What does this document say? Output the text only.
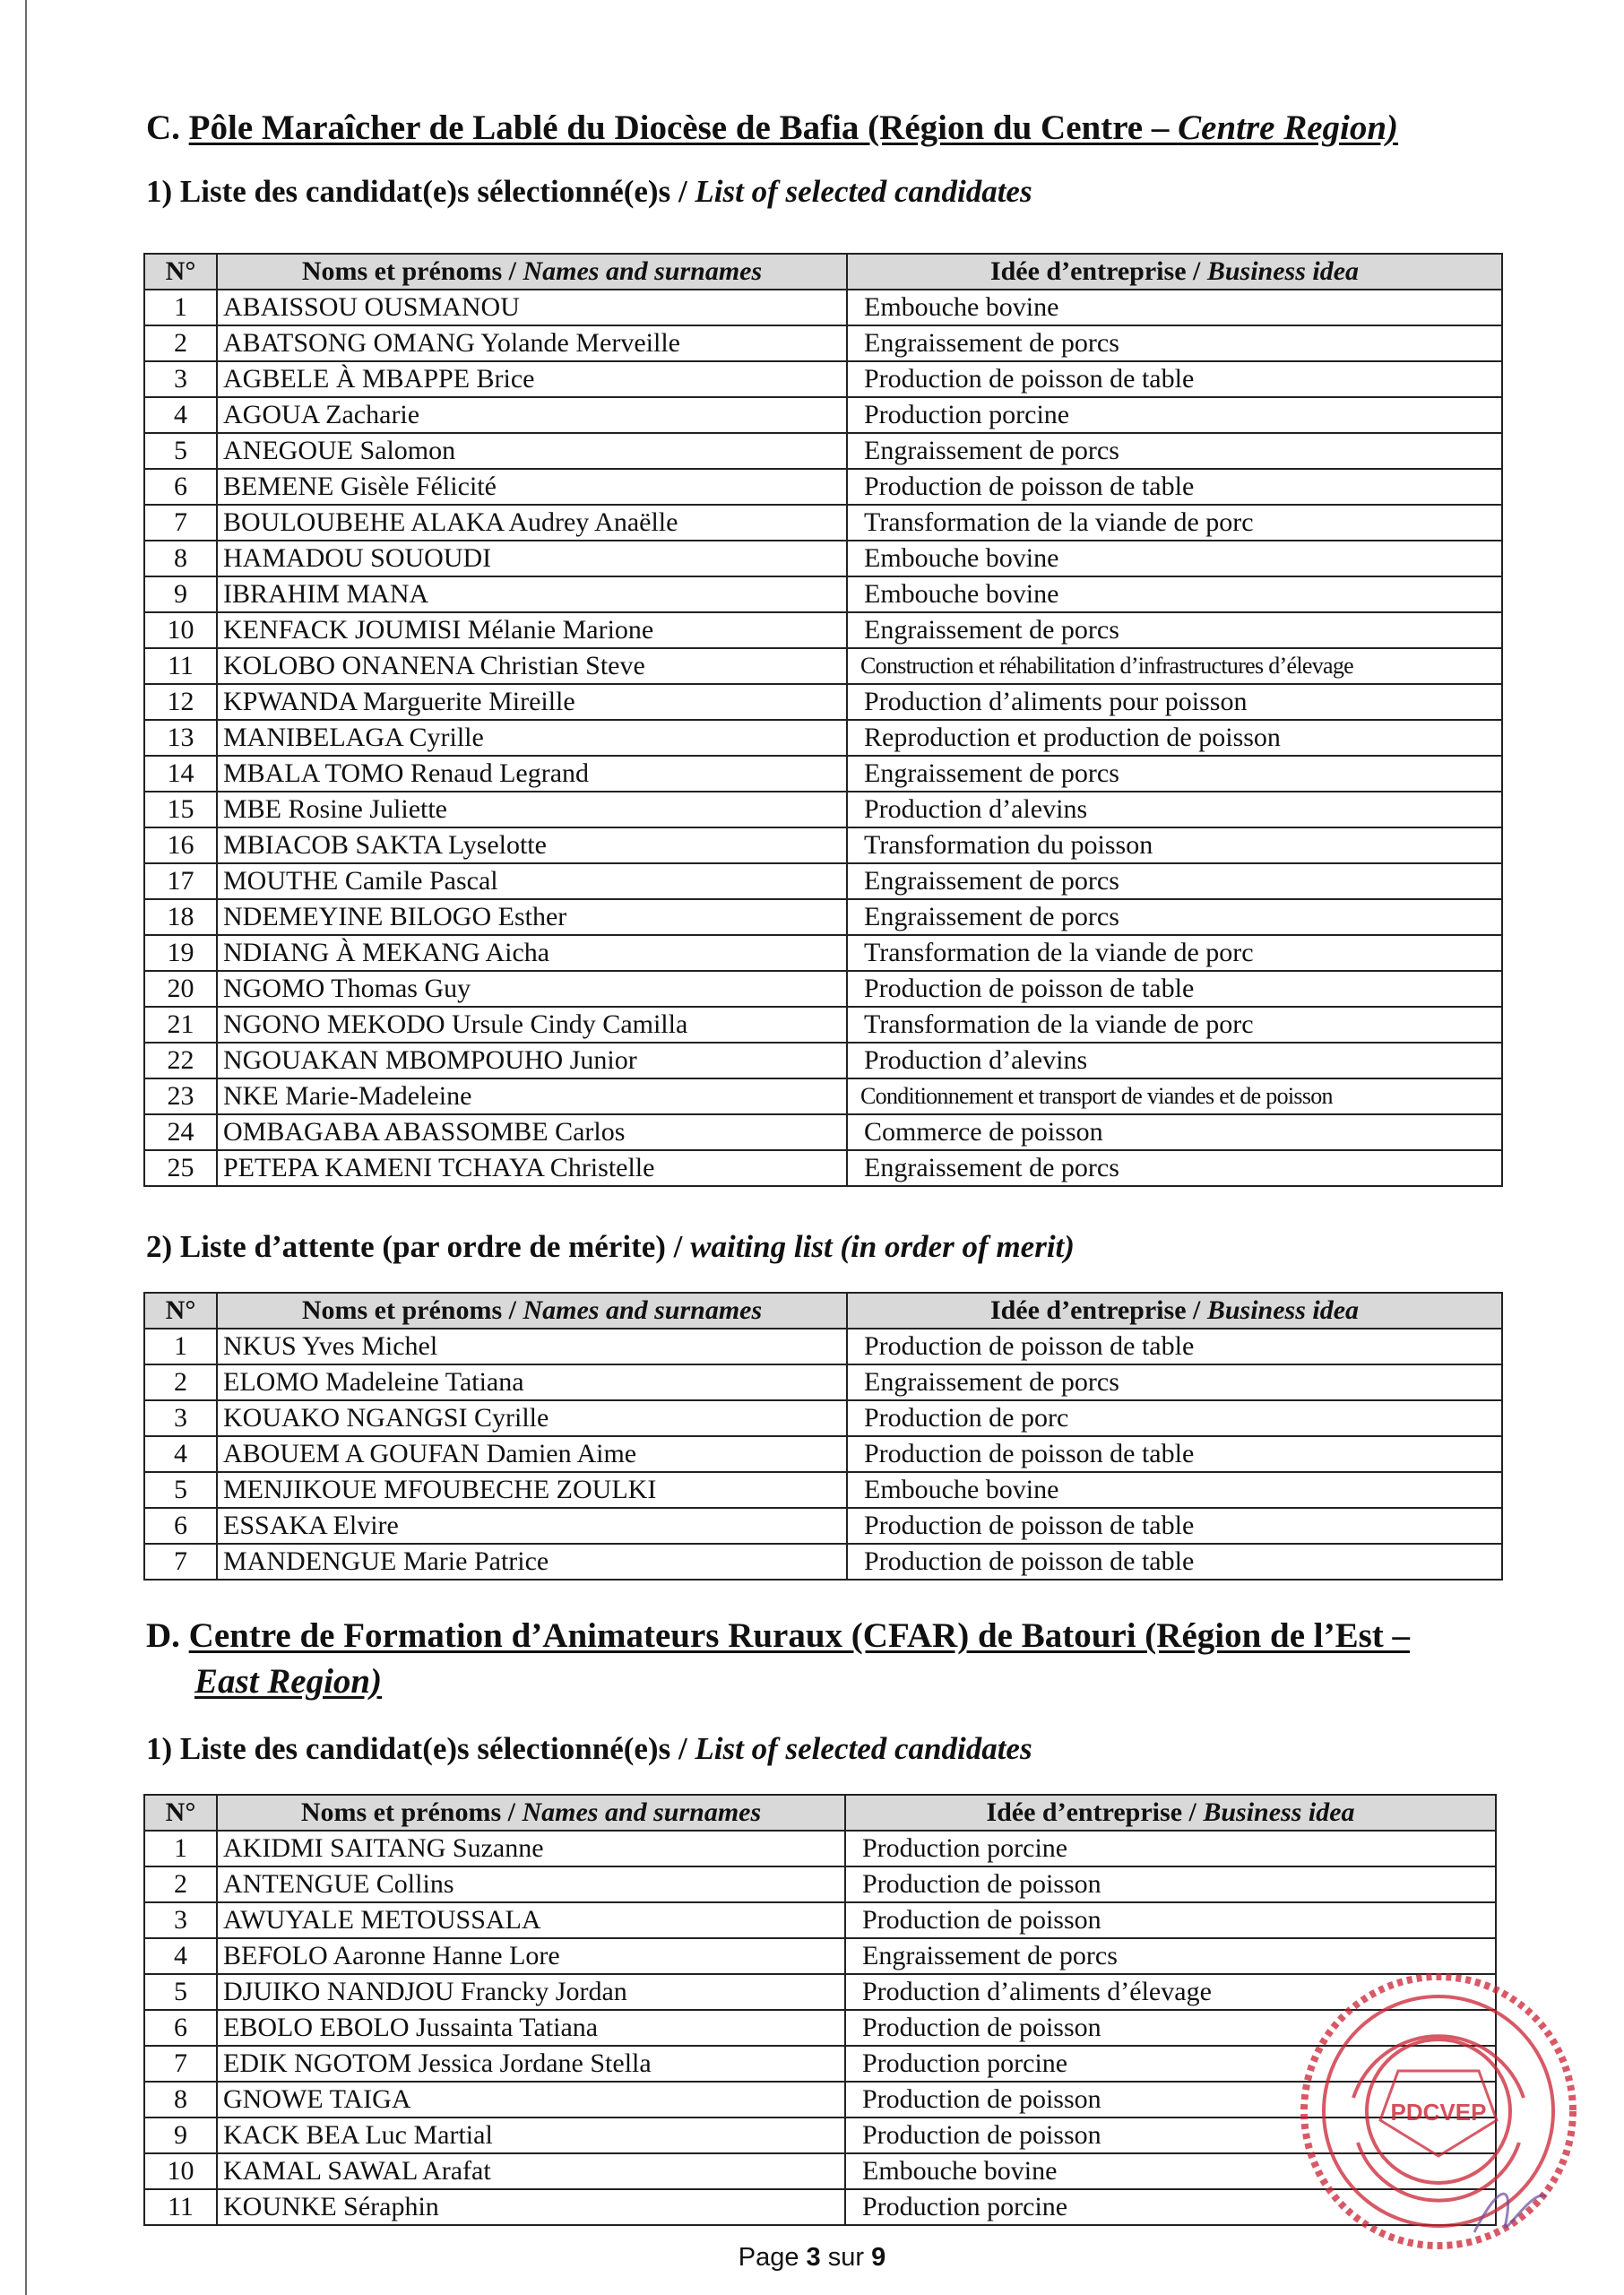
C. Pôle Maraîcher de Lablé du Diocèse de Bafia (Région du Centre – Centre Region)
1) Liste des candidat(e)s sélectionné(e)s / List of selected candidates
N°	Noms et prénoms / Names and surnames	Idée d’entreprise / Business idea
1	ABAISSOU OUSMANOU	Embouche bovine
2	ABATSONG OMANG Yolande Merveille	Engraissement de porcs
3	AGBELE À MBAPPE Brice	Production de poisson de table
4	AGOUA Zacharie	Production porcine
5	ANEGOUE Salomon	Engraissement de porcs
6	BEMENE Gisèle Félicité	Production de poisson de table
7	BOULOUBEHE ALAKA Audrey Anaëlle	Transformation de la viande de porc
8	HAMADOU SOUOUDI	Embouche bovine
9	IBRAHIM MANA	Embouche bovine
10	KENFACK JOUMISI Mélanie Marione	Engraissement de porcs
11	KOLOBO ONANENA Christian Steve	Construction et réhabilitation d’infrastructures d’élevage
12	KPWANDA Marguerite Mireille	Production d’aliments pour poisson
13	MANIBELAGA Cyrille	Reproduction et production de poisson
14	MBALA TOMO Renaud Legrand	Engraissement de porcs
15	MBE Rosine Juliette	Production d’alevins
16	MBIACOB SAKTA Lyselotte	Transformation du poisson
17	MOUTHE Camile Pascal	Engraissement de porcs
18	NDEMEYINE BILOGO Esther	Engraissement de porcs
19	NDIANG À MEKANG Aicha	Transformation de la viande de porc
20	NGOMO Thomas Guy	Production de poisson de table
21	NGONO MEKODO Ursule Cindy Camilla	Transformation de la viande de porc
22	NGOUAKAN MBOMPOUHO Junior	Production d’alevins
23	NKE Marie-Madeleine	Conditionnement et transport de viandes et de poisson
24	OMBAGABA ABASSOMBE Carlos	Commerce de poisson
25	PETEPA KAMENI TCHAYA Christelle	Engraissement de porcs
2) Liste d’attente (par ordre de mérite) / waiting list (in order of merit)
N°	Noms et prénoms / Names and surnames	Idée d’entreprise / Business idea
1	NKUS Yves Michel	Production de poisson de table
2	ELOMO Madeleine Tatiana	Engraissement de porcs
3	KOUAKO NGANGSI Cyrille	Production de porc
4	ABOUEM A GOUFAN Damien Aime	Production de poisson de table
5	MENJIKOUE MFOUBECHE ZOULKI	Embouche bovine
6	ESSAKA Elvire	Production de poisson de table
7	MANDENGUE Marie Patrice	Production de poisson de table
D. Centre de Formation d’Animateurs Ruraux (CFAR) de Batouri (Région de l’Est –
East Region)
1) Liste des candidat(e)s sélectionné(e)s / List of selected candidates
N°	Noms et prénoms / Names and surnames	Idée d’entreprise / Business idea
1	AKIDMI SAITANG Suzanne	Production porcine
2	ANTENGUE Collins	Production de poisson
3	AWUYALE METOUSSALA	Production de poisson
4	BEFOLO Aaronne Hanne Lore	Engraissement de porcs
5	DJUIKO NANDJOU Francky Jordan	Production d’aliments d’élevage
6	EBOLO EBOLO Jussainta Tatiana	Production de poisson
7	EDIK NGOTOM Jessica Jordane Stella	Production porcine
8	GNOWE TAIGA	Production de poisson
9	KACK BEA Luc Martial	Production de poisson
10	KAMAL SAWAL Arafat	Embouche bovine
11	KOUNKE Séraphin	Production porcine
PDCVEP
Page 3 sur 9
